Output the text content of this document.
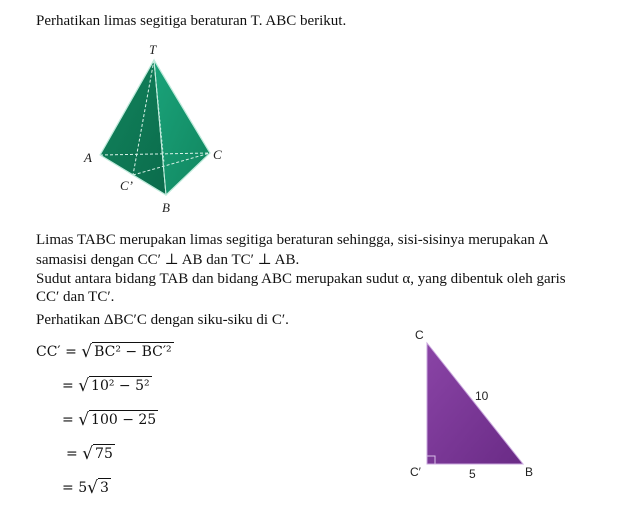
Perhatikan limas segitiga beraturan T. ABC berikut.
T
A	C
C’
B
Limas TABC merupakan limas segitiga beraturan sehingga, sisi-sisinya merupakan Δ
samasisi dengan CC′ ⊥ AB dan TC′ ⊥ AB.
Sudut antara bidang TAB dan bidang ABC merupakan sudut α, yang dibentuk oleh garis
CC′ dan TC′.
Perhatikan ΔBC′C dengan siku-siku di C′.
CC′ = √ BC² − BC′²
= √ 10² − 5²
= √ 100 − 25
= √ 75
= 5√ 3
C
10
C′	5	B
